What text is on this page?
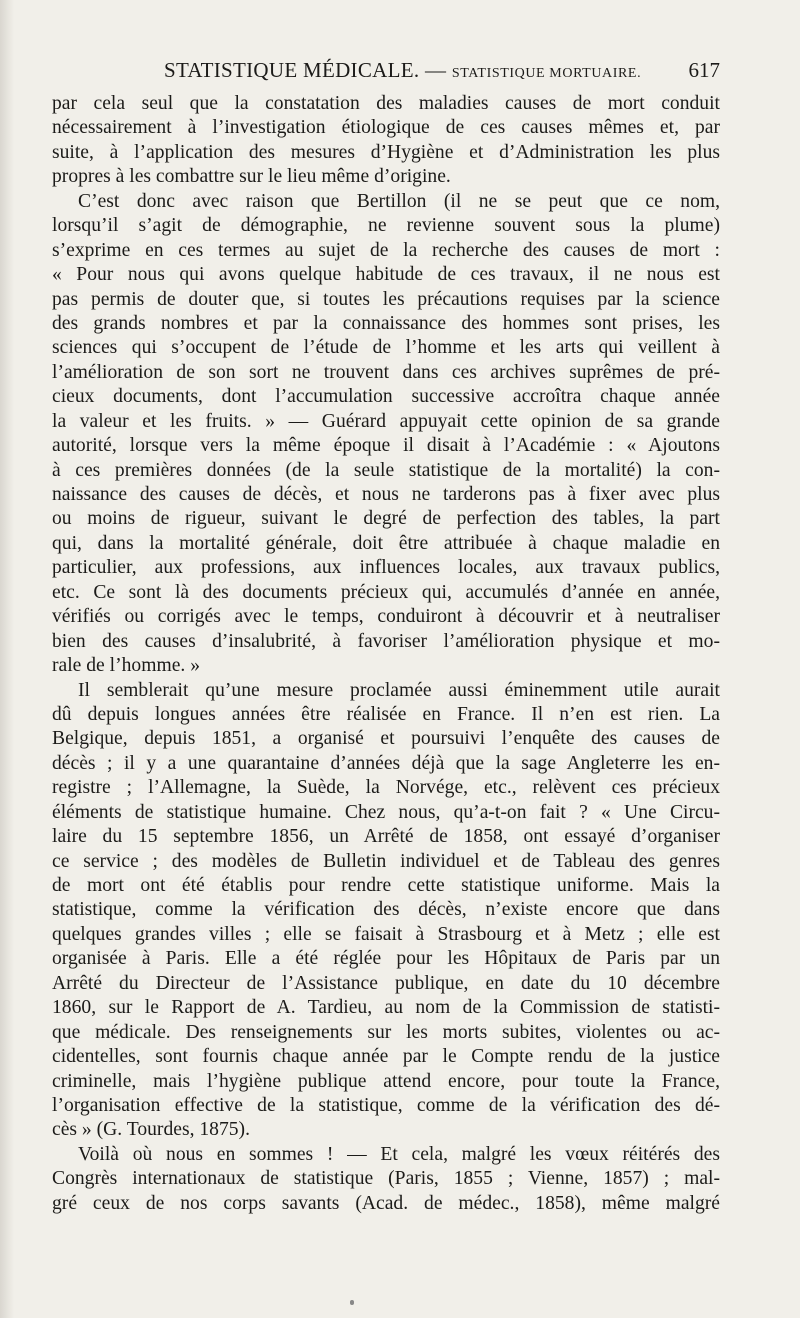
STATISTIQUE MÉDICALE. — STATISTIQUE MORTUAIRE. 617
par cela seul que la constatation des maladies causes de mort conduit
nécessairement à l’investigation étiologique de ces causes mêmes et, par
suite, à l’application des mesures d’Hygiène et d’Administration les plus
propres à les combattre sur le lieu même d’origine.
C’est donc avec raison que Bertillon (il ne se peut que ce nom,
lorsqu’il s’agit de démographie, ne revienne souvent sous la plume)
s’exprime en ces termes au sujet de la recherche des causes de mort :
« Pour nous qui avons quelque habitude de ces travaux, il ne nous est
pas permis de douter que, si toutes les précautions requises par la science
des grands nombres et par la connaissance des hommes sont prises, les
sciences qui s’occupent de l’étude de l’homme et les arts qui veillent à
l’amélioration de son sort ne trouvent dans ces archives suprêmes de pré-
cieux documents, dont l’accumulation successive accroîtra chaque année
la valeur et les fruits. » — Guérard appuyait cette opinion de sa grande
autorité, lorsque vers la même époque il disait à l’Académie : « Ajoutons
à ces premières données (de la seule statistique de la mortalité) la con-
naissance des causes de décès, et nous ne tarderons pas à fixer avec plus
ou moins de rigueur, suivant le degré de perfection des tables, la part
qui, dans la mortalité générale, doit être attribuée à chaque maladie en
particulier, aux professions, aux influences locales, aux travaux publics,
etc. Ce sont là des documents précieux qui, accumulés d’année en année,
vérifiés ou corrigés avec le temps, conduiront à découvrir et à neutraliser
bien des causes d’insalubrité, à favoriser l’amélioration physique et mo-
rale de l’homme. »
Il semblerait qu’une mesure proclamée aussi éminemment utile aurait
dû depuis longues années être réalisée en France. Il n’en est rien. La
Belgique, depuis 1851, a organisé et poursuivi l’enquête des causes de
décès ; il y a une quarantaine d’années déjà que la sage Angleterre les en-
registre ; l’Allemagne, la Suède, la Norvége, etc., relèvent ces précieux
éléments de statistique humaine. Chez nous, qu’a-t-on fait ? « Une Circu-
laire du 15 septembre 1856, un Arrêté de 1858, ont essayé d’organiser
ce service ; des modèles de Bulletin individuel et de Tableau des genres
de mort ont été établis pour rendre cette statistique uniforme. Mais la
statistique, comme la vérification des décès, n’existe encore que dans
quelques grandes villes ; elle se faisait à Strasbourg et à Metz ; elle est
organisée à Paris. Elle a été réglée pour les Hôpitaux de Paris par un
Arrêté du Directeur de l’Assistance publique, en date du 10 décembre
1860, sur le Rapport de A. Tardieu, au nom de la Commission de statisti-
que médicale. Des renseignements sur les morts subites, violentes ou ac-
cidentelles, sont fournis chaque année par le Compte rendu de la justice
criminelle, mais l’hygiène publique attend encore, pour toute la France,
l’organisation effective de la statistique, comme de la vérification des dé-
cès » (G. Tourdes, 1875).
Voilà où nous en sommes ! — Et cela, malgré les vœux réitérés des
Congrès internationaux de statistique (Paris, 1855 ; Vienne, 1857) ; mal-
gré ceux de nos corps savants (Acad. de médec., 1858), même malgré
